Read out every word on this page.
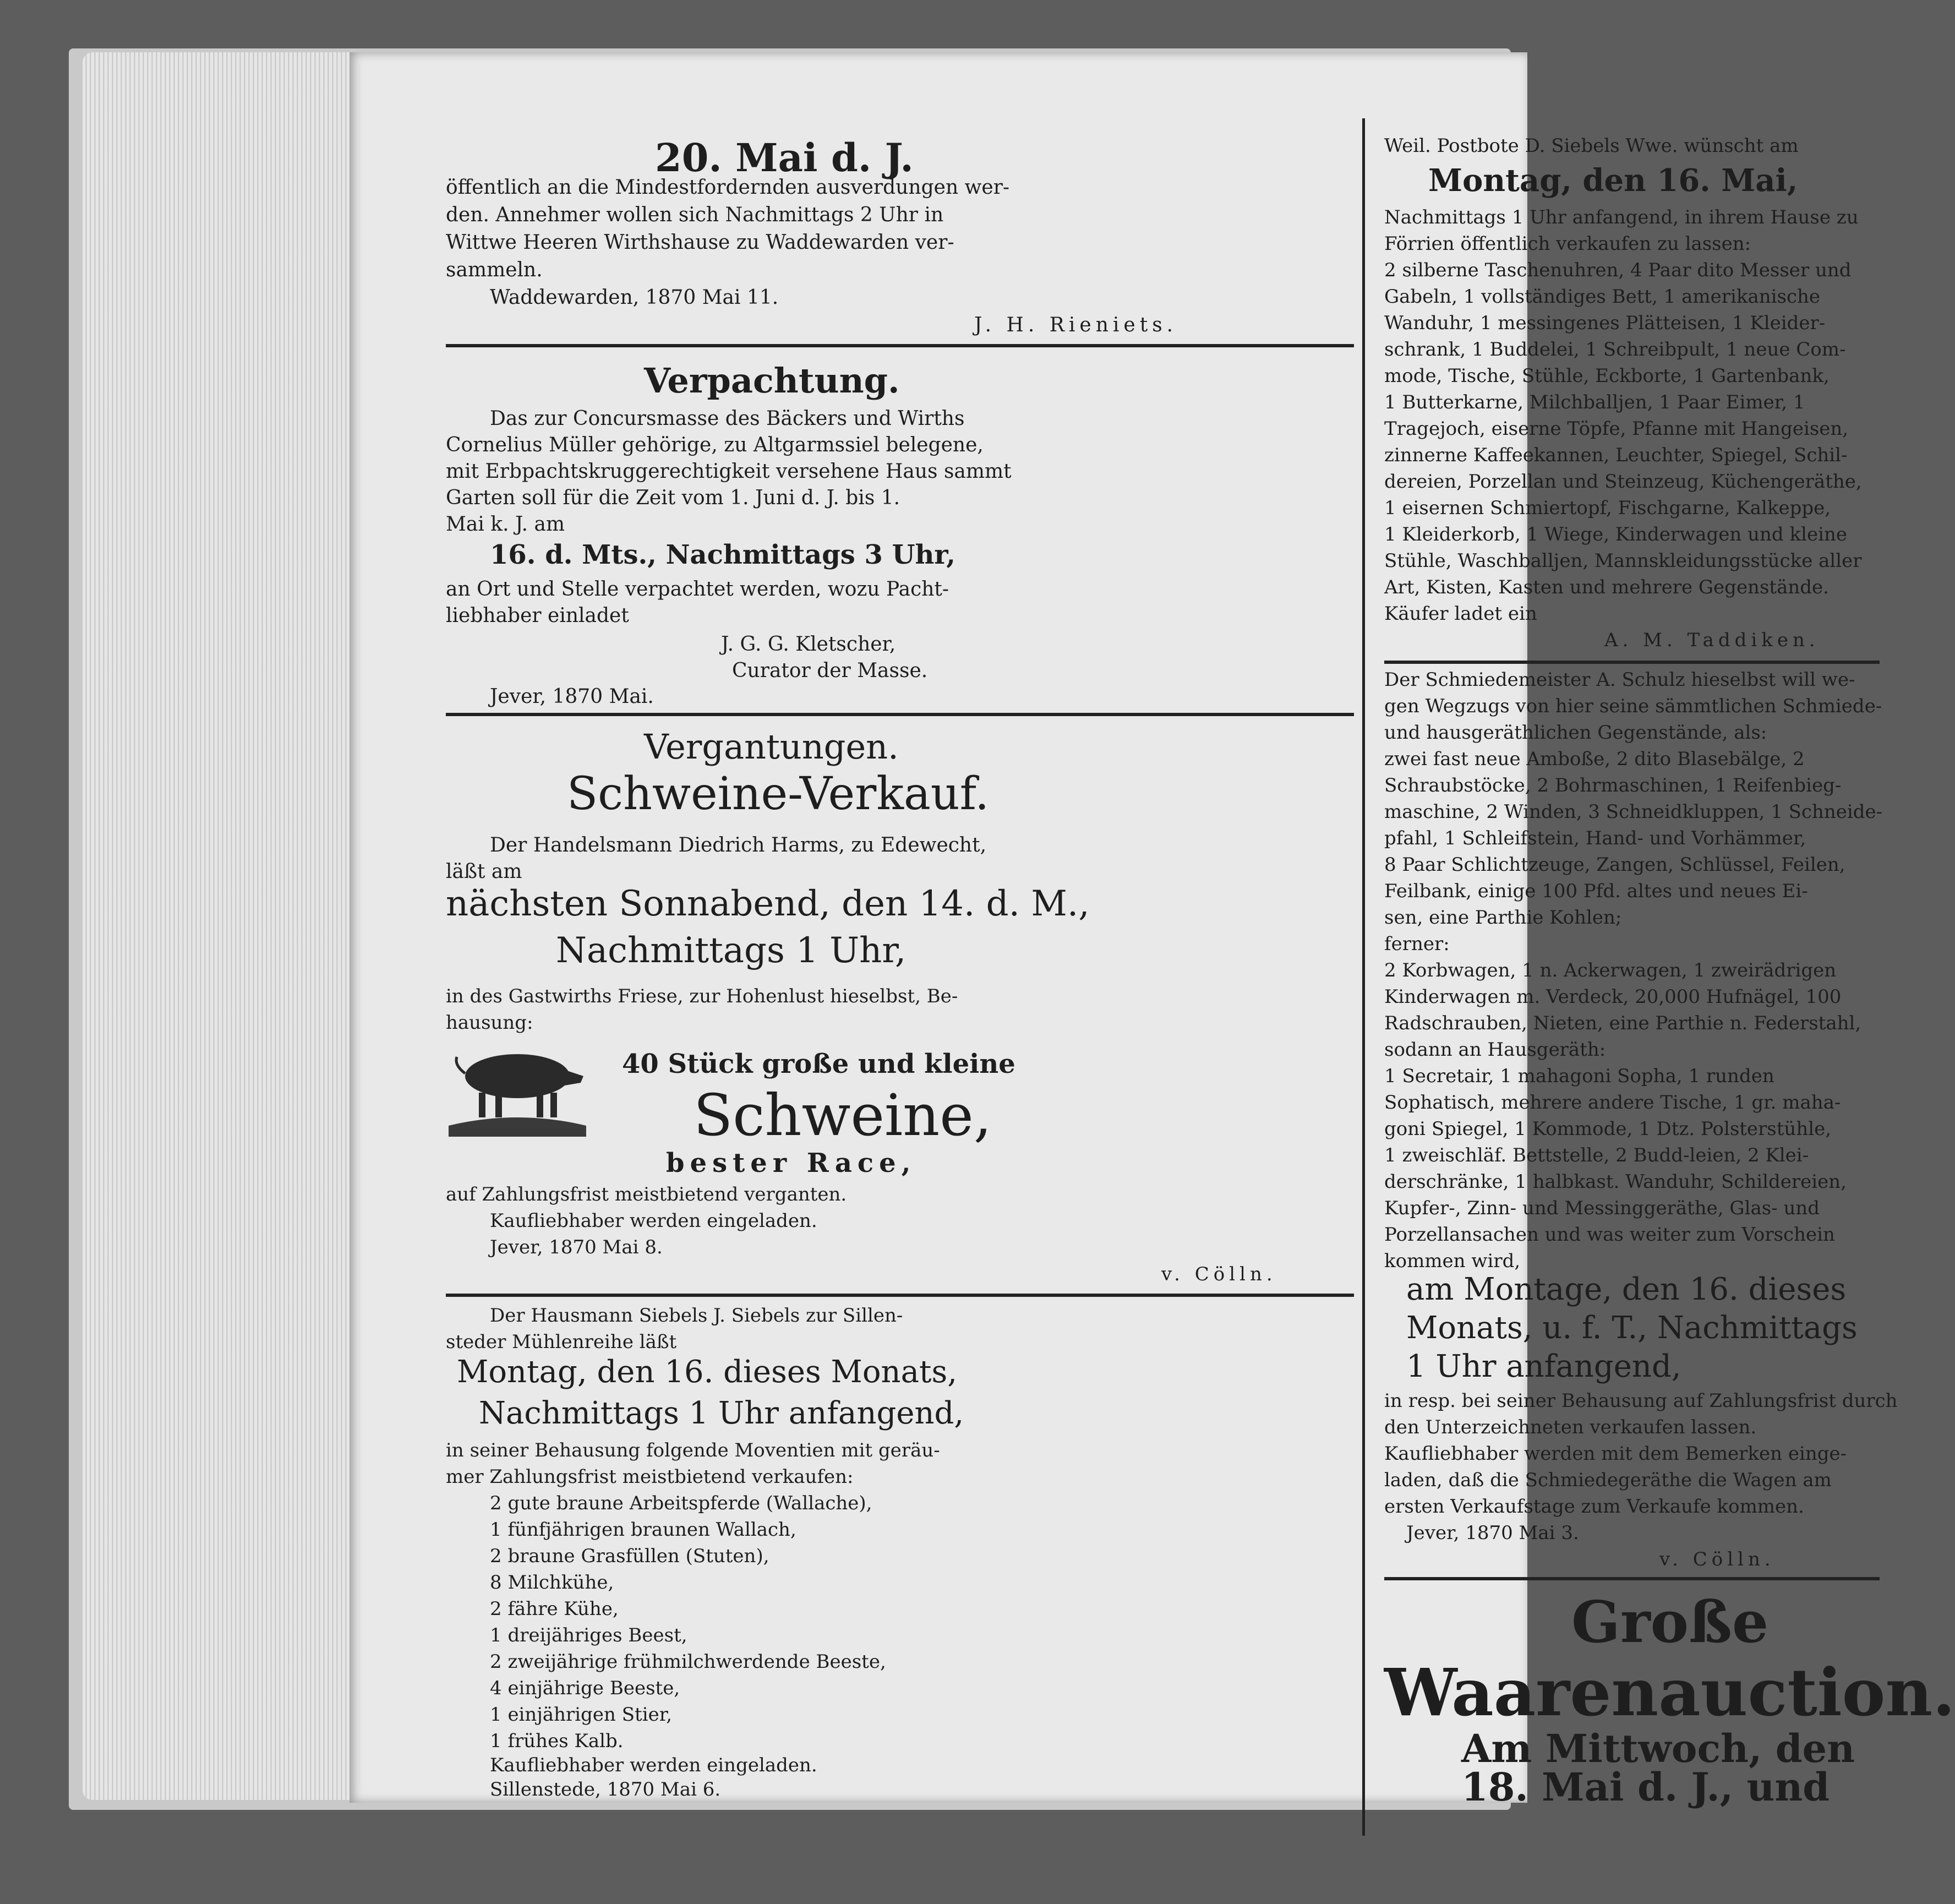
20. Mai d. J.
öffentlich an die Mindestfordernden ausverdungen wer-
den. Annehmer wollen sich Nachmittags 2 Uhr in
Wittwe Heeren Wirthshause zu Waddewarden ver-
sammeln.
Waddewarden, 1870 Mai 11.
J. H. Rieniets.
Verpachtung.
Das zur Concursmasse des Bäckers und Wirths
Cornelius Müller gehörige, zu Altgarmssiel belegene,
mit Erbpachtskruggerechtigkeit versehene Haus sammt
Garten soll für die Zeit vom 1. Juni d. J. bis 1.
Mai k. J. am
16. d. Mts., Nachmittags 3 Uhr,
an Ort und Stelle verpachtet werden, wozu Pacht-
liebhaber einladet
J. G. G. Kletscher,
Curator der Masse.
Jever, 1870 Mai.
Vergantungen.
Schweine-Verkauf.
Der Handelsmann Diedrich Harms, zu Edewecht,
läßt am
nächsten Sonnabend, den 14. d. M.,
Nachmittags 1 Uhr,
in des Gastwirths Friese, zur Hohenlust hieselbst, Be-
hausung:
40 Stück große und kleine
Schweine,
bester Race,
auf Zahlungsfrist meistbietend verganten.
Kaufliebhaber werden eingeladen.
Jever, 1870 Mai 8.
v. Cölln.
Der Hausmann Siebels J. Siebels zur Sillen-
steder Mühlenreihe läßt
Montag, den 16. dieses Monats,
Nachmittags 1 Uhr anfangend,
in seiner Behausung folgende Moventien mit geräu-
mer Zahlungsfrist meistbietend verkaufen:
2 gute braune Arbeitspferde (Wallache),
1 fünfjährigen braunen Wallach,
2 braune Grasfüllen (Stuten),
8 Milchkühe,
2 fähre Kühe,
1 dreijähriges Beest,
2 zweijährige frühmilchwerdende Beeste,
4 einjährige Beeste,
1 einjährigen Stier,
1 frühes Kalb.
Kaufliebhaber werden eingeladen.
Sillenstede, 1870 Mai 6.
Weil. Postbote D. Siebels Wwe. wünscht am
Montag, den 16. Mai,
Nachmittags 1 Uhr anfangend, in ihrem Hause zu
Förrien öffentlich verkaufen zu lassen:
2 silberne Taschenuhren, 4 Paar dito Messer und
Gabeln, 1 vollständiges Bett, 1 amerikanische
Wanduhr, 1 messingenes Plätteisen, 1 Kleider-
schrank, 1 Buddelei, 1 Schreibpult, 1 neue Com-
mode, Tische, Stühle, Eckborte, 1 Gartenbank,
1 Butterkarne, Milchballjen, 1 Paar Eimer, 1
Tragejoch, eiserne Töpfe, Pfanne mit Hangeisen,
zinnerne Kaffeekannen, Leuchter, Spiegel, Schil-
dereien, Porzellan und Steinzeug, Küchengeräthe,
1 eisernen Schmiertopf, Fischgarne, Kalkeppe,
1 Kleiderkorb, 1 Wiege, Kinderwagen und kleine
Stühle, Waschballjen, Mannskleidungsstücke aller
Art, Kisten, Kasten und mehrere Gegenstände.
Käufer ladet ein
A. M. Taddiken.
Der Schmiedemeister A. Schulz hieselbst will we-
gen Wegzugs von hier seine sämmtlichen Schmiede-
und hausgeräthlichen Gegenstände, als:
zwei fast neue Amboße, 2 dito Blasebälge, 2
Schraubstöcke, 2 Bohrmaschinen, 1 Reifenbieg-
maschine, 2 Winden, 3 Schneidkluppen, 1 Schneide-
pfahl, 1 Schleifstein, Hand- und Vorhämmer,
8 Paar Schlichtzeuge, Zangen, Schlüssel, Feilen,
Feilbank, einige 100 Pfd. altes und neues Ei-
sen, eine Parthie Kohlen;
ferner:
2 Korbwagen, 1 n. Ackerwagen, 1 zweirädrigen
Kinderwagen m. Verdeck, 20,000 Hufnägel, 100
Radschrauben, Nieten, eine Parthie n. Federstahl,
sodann an Hausgeräth:
1 Secretair, 1 mahagoni Sopha, 1 runden
Sophatisch, mehrere andere Tische, 1 gr. maha-
goni Spiegel, 1 Kommode, 1 Dtz. Polsterstühle,
1 zweischläf. Bettstelle, 2 Budd-leien, 2 Klei-
derschränke, 1 halbkast. Wanduhr, Schildereien,
Kupfer-, Zinn- und Messinggeräthe, Glas- und
Porzellansachen und was weiter zum Vorschein
kommen wird,
am Montage, den 16. dieses
Monats, u. f. T., Nachmittags
1 Uhr anfangend,
in resp. bei seiner Behausung auf Zahlungsfrist durch
den Unterzeichneten verkaufen lassen.
Kaufliebhaber werden mit dem Bemerken einge-
laden, daß die Schmiedegeräthe die Wagen am
ersten Verkaufstage zum Verkaufe kommen.
Jever, 1870 Mai 3.
v. Cölln.
Große
Waarenauction.
Am Mittwoch, den
18. Mai d. J., und
